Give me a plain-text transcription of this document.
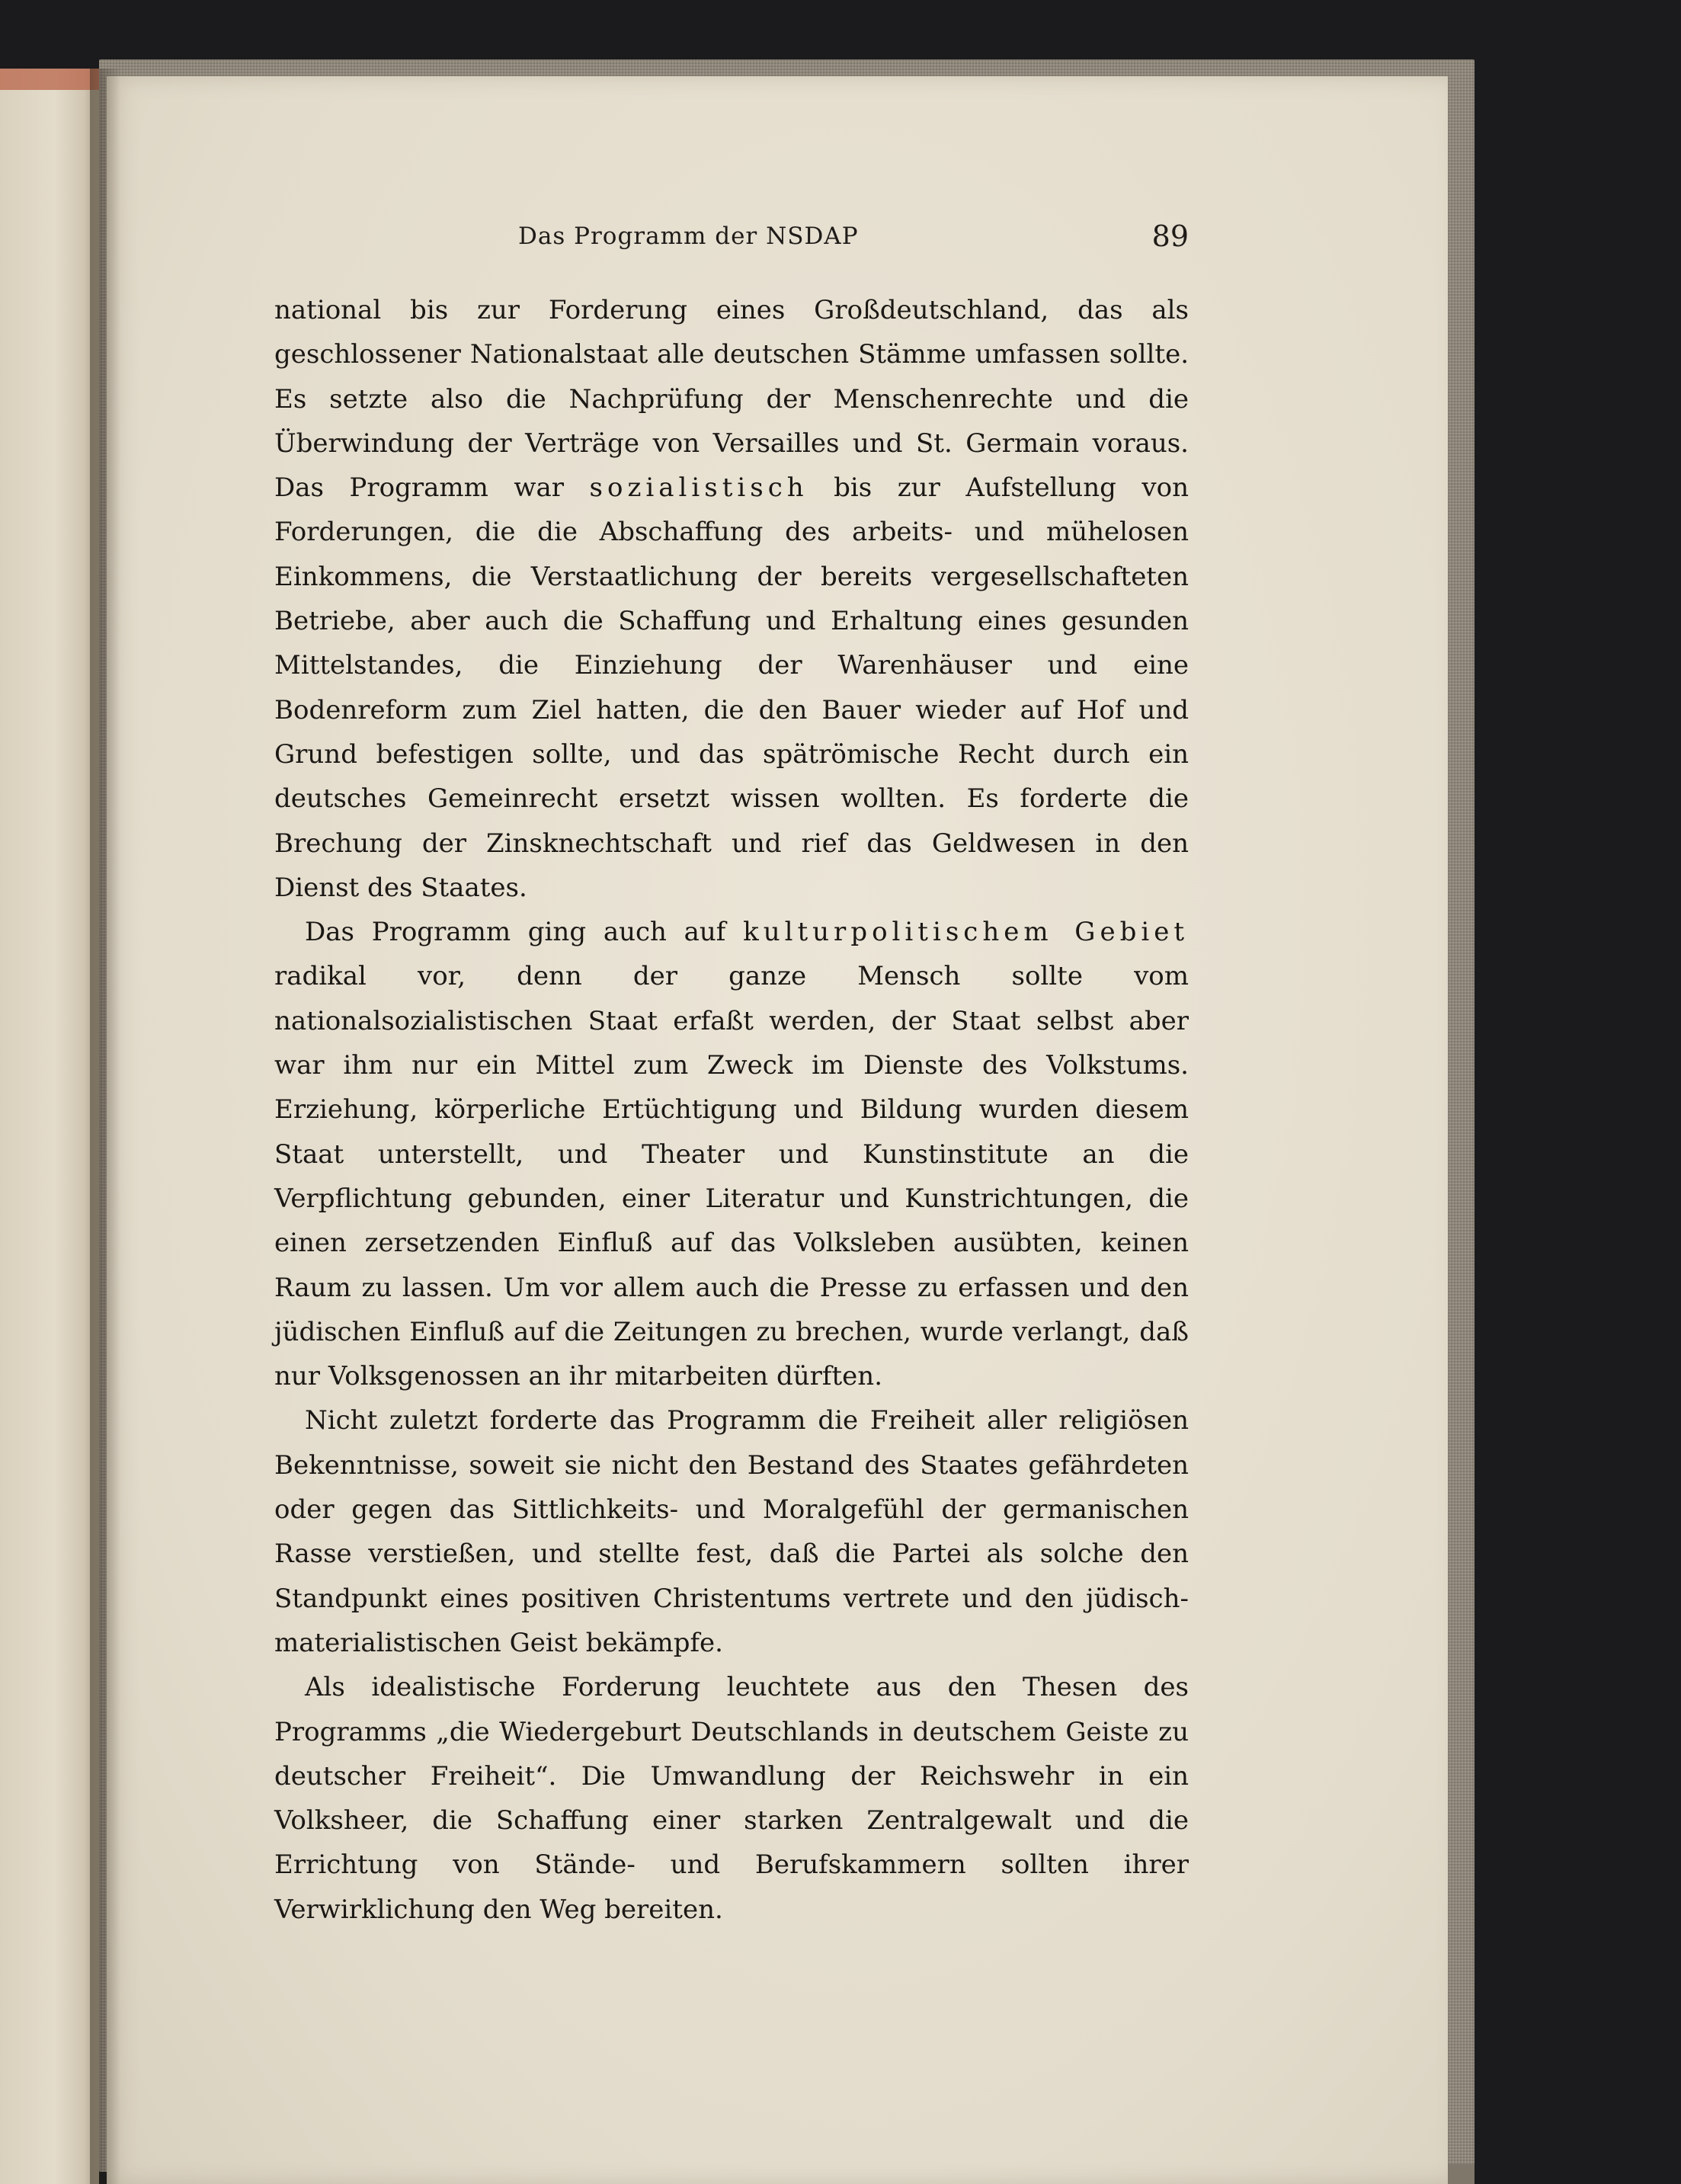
Das Programm der NSDAP	89

national bis zur Forderung eines Großdeutschland, das als geschlossener Nationalstaat alle deutschen Stämme umfassen sollte. Es setzte also die Nachprüfung der Menschenrechte und die Überwindung der Verträge von Versailles und St. Germain voraus. Das Programm war sozialistisch bis zur Aufstellung von Forderungen, die die Abschaffung des arbeits- und mühelosen Einkommens, die Verstaatlichung der bereits vergesellschafteten Betriebe, aber auch die Schaffung und Erhaltung eines gesunden Mittelstandes, die Einziehung der Warenhäuser und eine Bodenreform zum Ziel hatten, die den Bauer wieder auf Hof und Grund befestigen sollte, und das spätrömische Recht durch ein deutsches Gemeinrecht ersetzt wissen wollten. Es forderte die Brechung der Zinsknechtschaft und rief das Geldwesen in den Dienst des Staates.

Das Programm ging auch auf kulturpolitischem Gebiet radikal vor, denn der ganze Mensch sollte vom nationalsozialistischen Staat erfaßt werden, der Staat selbst aber war ihm nur ein Mittel zum Zweck im Dienste des Volkstums. Erziehung, körperliche Ertüchtigung und Bildung wurden diesem Staat unterstellt, und Theater und Kunstinstitute an die Verpflichtung gebunden, einer Literatur und Kunstrichtungen, die einen zersetzenden Einfluß auf das Volksleben ausübten, keinen Raum zu lassen. Um vor allem auch die Presse zu erfassen und den jüdischen Einfluß auf die Zeitungen zu brechen, wurde verlangt, daß nur Volksgenossen an ihr mitarbeiten dürften.

Nicht zuletzt forderte das Programm die Freiheit aller religiösen Bekenntnisse, soweit sie nicht den Bestand des Staates gefährdeten oder gegen das Sittlichkeits- und Moralgefühl der germanischen Rasse verstießen, und stellte fest, daß die Partei als solche den Standpunkt eines positiven Christentums vertrete und den jüdisch-materialistischen Geist bekämpfe.

Als idealistische Forderung leuchtete aus den Thesen des Programms „die Wiedergeburt Deutschlands in deutschem Geiste zu deutscher Freiheit“. Die Umwandlung der Reichswehr in ein Volksheer, die Schaffung einer starken Zentralgewalt und die Errichtung von Stände- und Berufskammern sollten ihrer Verwirklichung den Weg bereiten.
